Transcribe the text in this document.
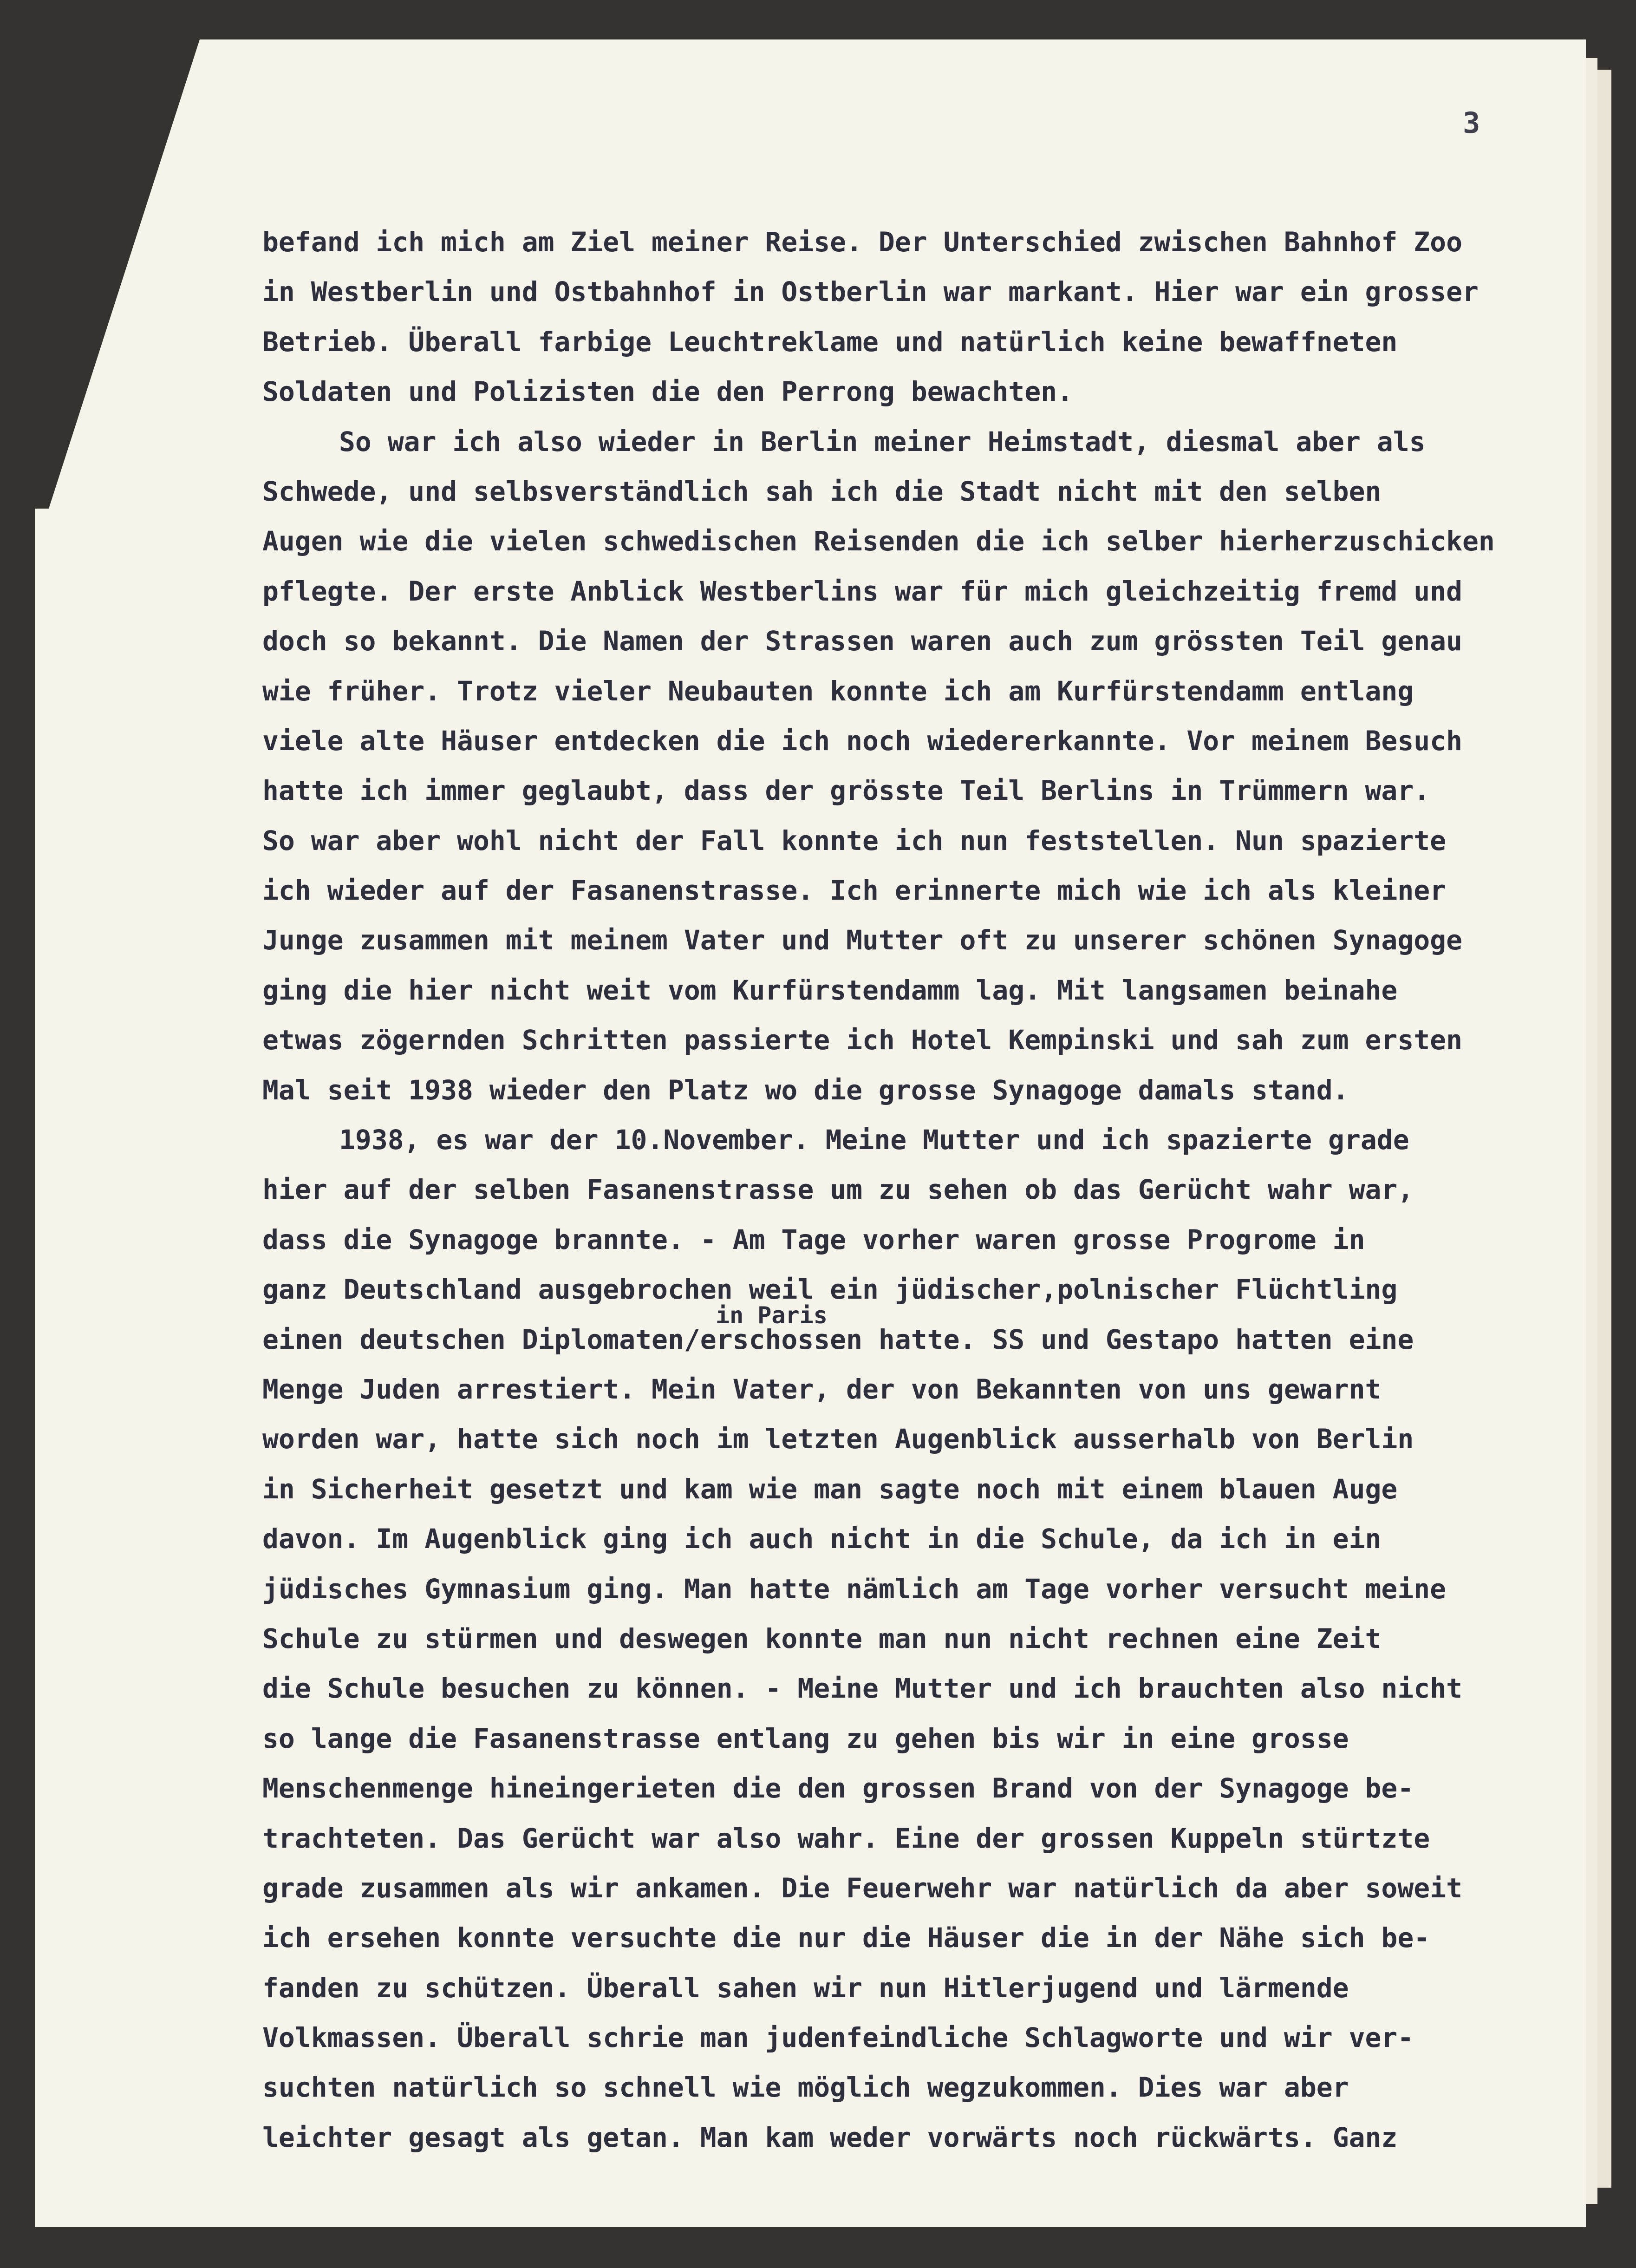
3
befand ich mich am Ziel meiner Reise. Der Unterschied zwischen Bahnhof Zoo
in Westberlin und Ostbahnhof in Ostberlin war markant. Hier war ein grosser
Betrieb. Überall farbige Leuchtreklame und natürlich keine bewaffneten
Soldaten und Polizisten die den Perrong bewachten.
So war ich also wieder in Berlin meiner Heimstadt, diesmal aber als
Schwede, und selbsverständlich sah ich die Stadt nicht mit den selben
Augen wie die vielen schwedischen Reisenden die ich selber hierherzuschicken
pflegte. Der erste Anblick Westberlins war für mich gleichzeitig fremd und
doch so bekannt. Die Namen der Strassen waren auch zum grössten Teil genau
wie früher. Trotz vieler Neubauten konnte ich am Kurfürstendamm entlang
viele alte Häuser entdecken die ich noch wiedererkannte. Vor meinem Besuch
hatte ich immer geglaubt, dass der grösste Teil Berlins in Trümmern war.
So war aber wohl nicht der Fall konnte ich nun feststellen. Nun spazierte
ich wieder auf der Fasanenstrasse. Ich erinnerte mich wie ich als kleiner
Junge zusammen mit meinem Vater und Mutter oft zu unserer schönen Synagoge
ging die hier nicht weit vom Kurfürstendamm lag. Mit langsamen beinahe
etwas zögernden Schritten passierte ich Hotel Kempinski und sah zum ersten
Mal seit 1938 wieder den Platz wo die grosse Synagoge damals stand.
1938, es war der 10.November. Meine Mutter und ich spazierte grade
hier auf der selben Fasanenstrasse um zu sehen ob das Gerücht wahr war,
dass die Synagoge brannte. - Am Tage vorher waren grosse Progrome in
ganz Deutschland ausgebrochen weil ein jüdischer,polnischer Flüchtling
in Paris
einen deutschen Diplomaten/erschossen hatte. SS und Gestapo hatten eine
Menge Juden arrestiert. Mein Vater, der von Bekannten von uns gewarnt
worden war, hatte sich noch im letzten Augenblick ausserhalb von Berlin
in Sicherheit gesetzt und kam wie man sagte noch mit einem blauen Auge
davon. Im Augenblick ging ich auch nicht in die Schule, da ich in ein
jüdisches Gymnasium ging. Man hatte nämlich am Tage vorher versucht meine
Schule zu stürmen und deswegen konnte man nun nicht rechnen eine Zeit
die Schule besuchen zu können. - Meine Mutter und ich brauchten also nicht
so lange die Fasanenstrasse entlang zu gehen bis wir in eine grosse
Menschenmenge hineingerieten die den grossen Brand von der Synagoge be-
trachteten. Das Gerücht war also wahr. Eine der grossen Kuppeln stürtzte
grade zusammen als wir ankamen. Die Feuerwehr war natürlich da aber soweit
ich ersehen konnte versuchte die nur die Häuser die in der Nähe sich be-
fanden zu schützen. Überall sahen wir nun Hitlerjugend und lärmende
Volkmassen. Überall schrie man judenfeindliche Schlagworte und wir ver-
suchten natürlich so schnell wie möglich wegzukommen. Dies war aber
leichter gesagt als getan. Man kam weder vorwärts noch rückwärts. Ganz
